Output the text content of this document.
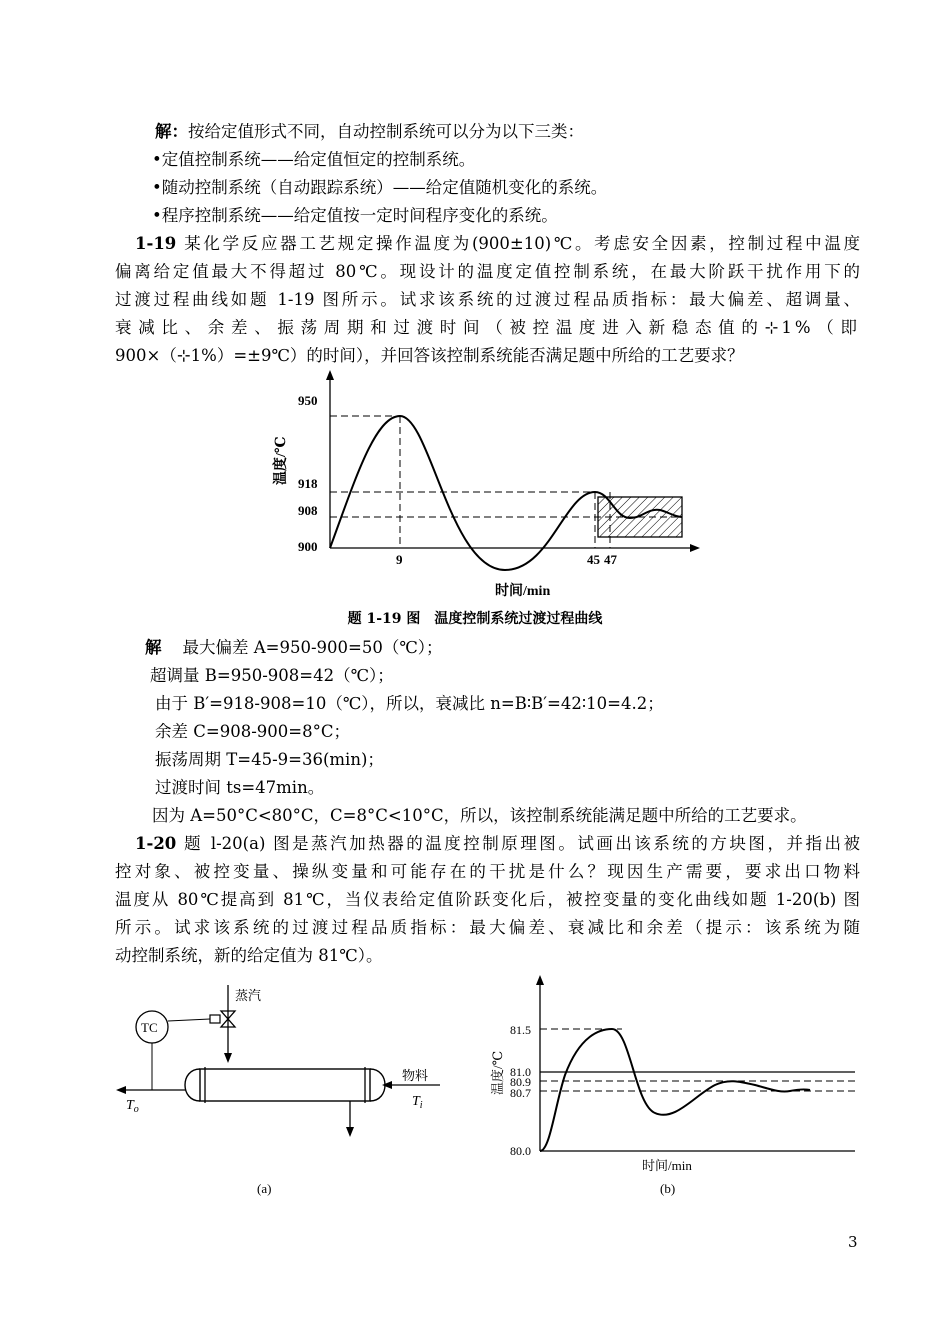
解：按给定值形式不同，自动控制系统可以分为以下三类：
•定值控制系统——给定值恒定的控制系统。
•随动控制系统（自动跟踪系统）——给定值随机变化的系统。
•程序控制系统——给定值按一定时间程序变化的系统。
1-19 某化学反应器工艺规定操作温度为(900±10)℃。考虑安全因素，控制过程中温度
偏离给定值最大不得超过 80℃。现设计的温度定值控制系统，在最大阶跃干扰作用下的
过渡过程曲线如题 1-19 图所示。试求该系统的过渡过程品质指标：最大偏差、超调量、
衰减比、余差、振荡周期和过渡时间（被控温度进入新稳态值的⊹1%（即
900×（⊹1%）=±9℃）的时间），并回答该控制系统能否满足题中所给的工艺要求？
950
918
908
900
9	45 47
温度/℃
时间/min
题 1-19 图　温度控制系统过渡过程曲线
解 最大偏差 A=950-900=50（℃）；
超调量 B=950-908=42（℃）；
由于 B′=918-908=10（℃），所以，衰减比 n=B∶B′=42∶10=4.2；
余差 C=908-900=8°C；
振荡周期 T=45-9=36(min)；
过渡时间 ts=47min。
因为 A=50°C<80°C，C=8°C<10°C，所以，该控制系统能满足题中所给的工艺要求。
1-20 题 l-20(a) 图是蒸汽加热器的温度控制原理图。试画出该系统的方块图，并指出被
控对象、被控变量、操纵变量和可能存在的干扰是什么？现因生产需要，要求出口物料
温度从 80℃提高到 81℃，当仪表给定值阶跃变化后，被控变量的变化曲线如题 1-20(b) 图
所示。试求该系统的过渡过程品质指标：最大偏差、衰减比和余差（提示：该系统为随
动控制系统，新的给定值为 81℃）。
蒸汽
TC
$T_o$
物料
$T_i$
(a)
81.5
81.0
80.9
80.7
80.0
温度/℃
时间/min
(b)
3
